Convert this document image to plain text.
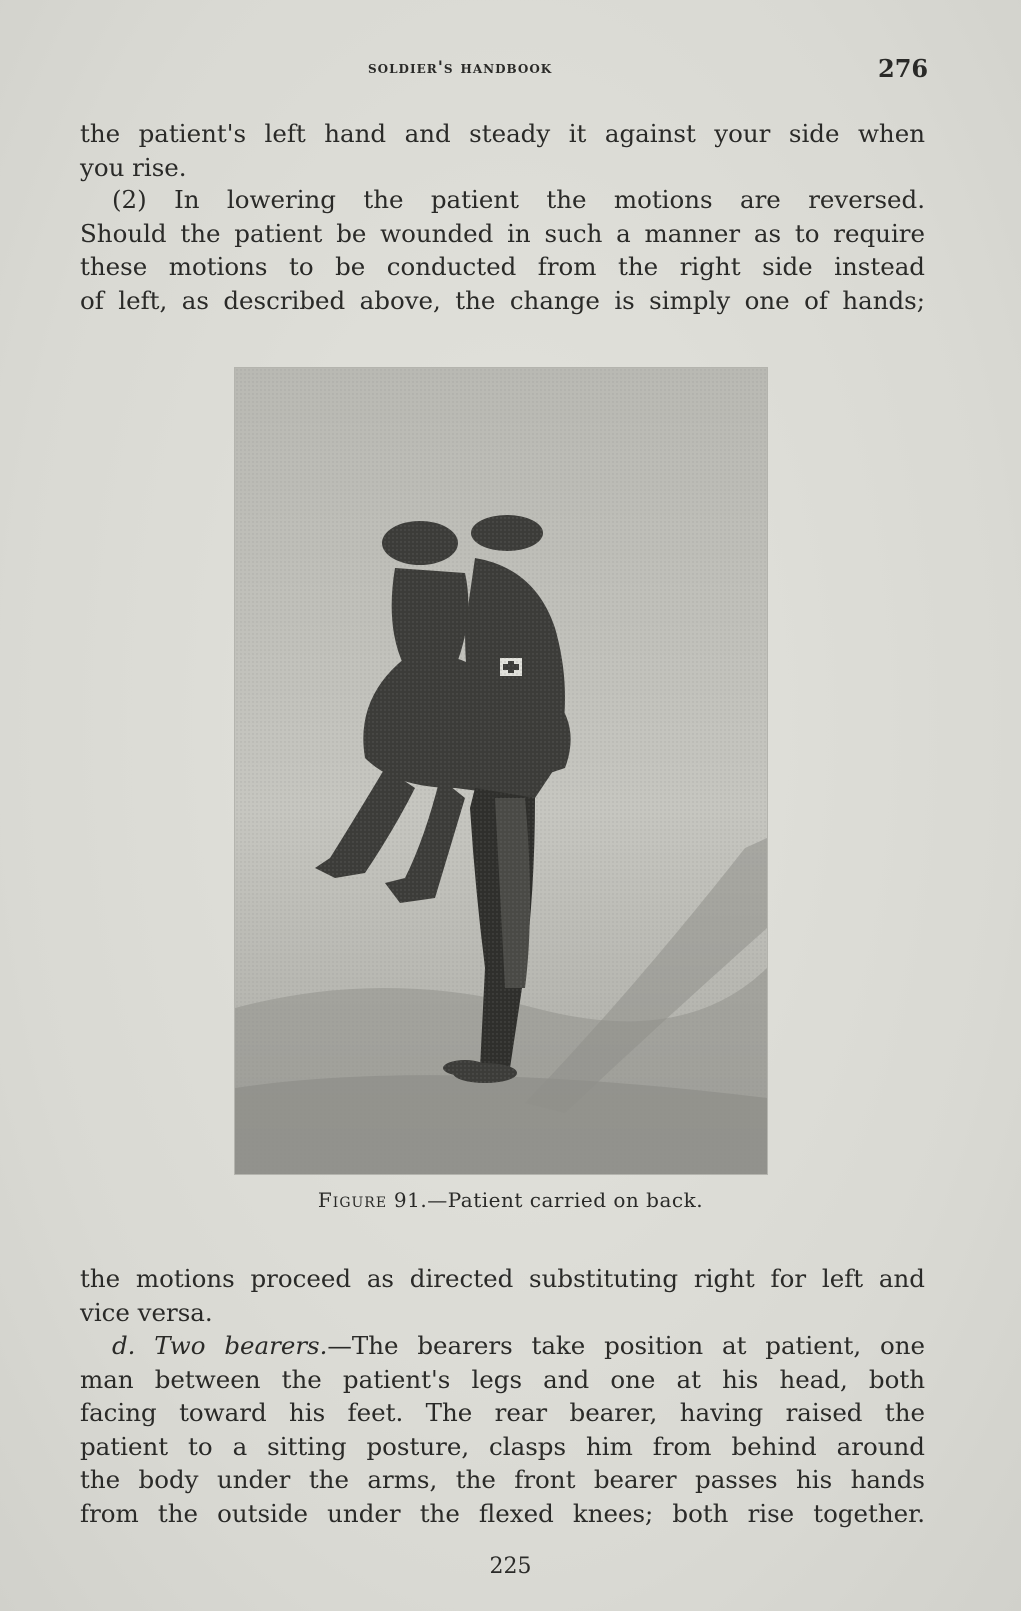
soldier's handbook	276
the patient's left hand and steady it against your side when
you rise.
(2) In lowering the patient the motions are reversed.
Should the patient be wounded in such a manner as to require
these motions to be conducted from the right side instead
of left, as described above, the change is simply one of hands;
Figure 91.—Patient carried on back.
the motions proceed as directed substituting right for left and
vice versa.
d. Two bearers.—The bearers take position at patient, one
man between the patient's legs and one at his head, both
facing toward his feet. The rear bearer, having raised the
patient to a sitting posture, clasps him from behind around
the body under the arms, the front bearer passes his hands
from the outside under the flexed knees; both rise together.
225
